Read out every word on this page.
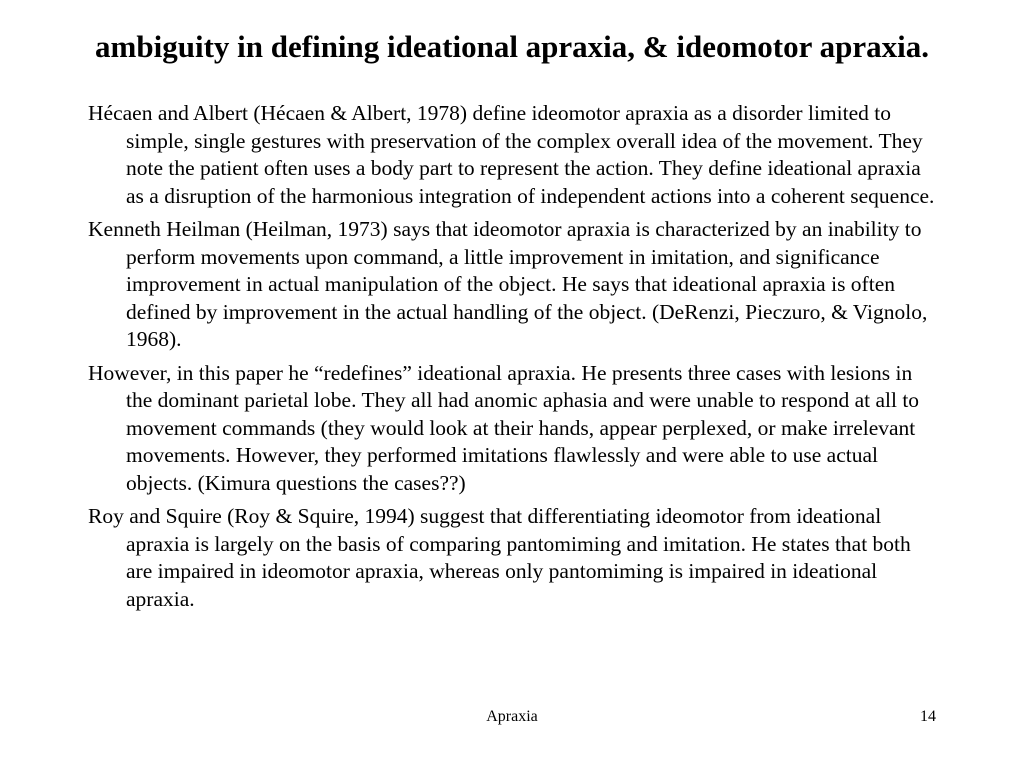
ambiguity in defining ideational apraxia, & ideomotor apraxia.
Hécaen and Albert (Hécaen & Albert, 1978) define ideomotor apraxia as a disorder limited to simple, single gestures with preservation of the complex overall idea of the movement. They note the patient often uses a body part to represent the action. They define ideational apraxia as a disruption of the harmonious integration of independent actions into a coherent sequence.
Kenneth Heilman (Heilman, 1973) says that ideomotor apraxia is characterized by an inability to perform movements upon command, a little improvement in imitation, and significance improvement in actual manipulation of the object. He says that ideational apraxia is often defined by improvement in the actual handling of the object. (DeRenzi, Pieczuro, & Vignolo, 1968).
However, in this paper he “redefines” ideational apraxia. He presents three cases with lesions in the dominant parietal lobe. They all had anomic aphasia and were unable to respond at all to movement commands (they would look at their hands, appear perplexed, or make irrelevant movements. However, they performed imitations flawlessly and were able to use actual objects. (Kimura questions the cases??)
Roy and Squire (Roy & Squire, 1994) suggest that differentiating ideomotor from ideational apraxia is largely on the basis of comparing pantomiming and imitation. He states that both are impaired in ideomotor apraxia, whereas only pantomiming is impaired in ideational apraxia.
Apraxia	14
